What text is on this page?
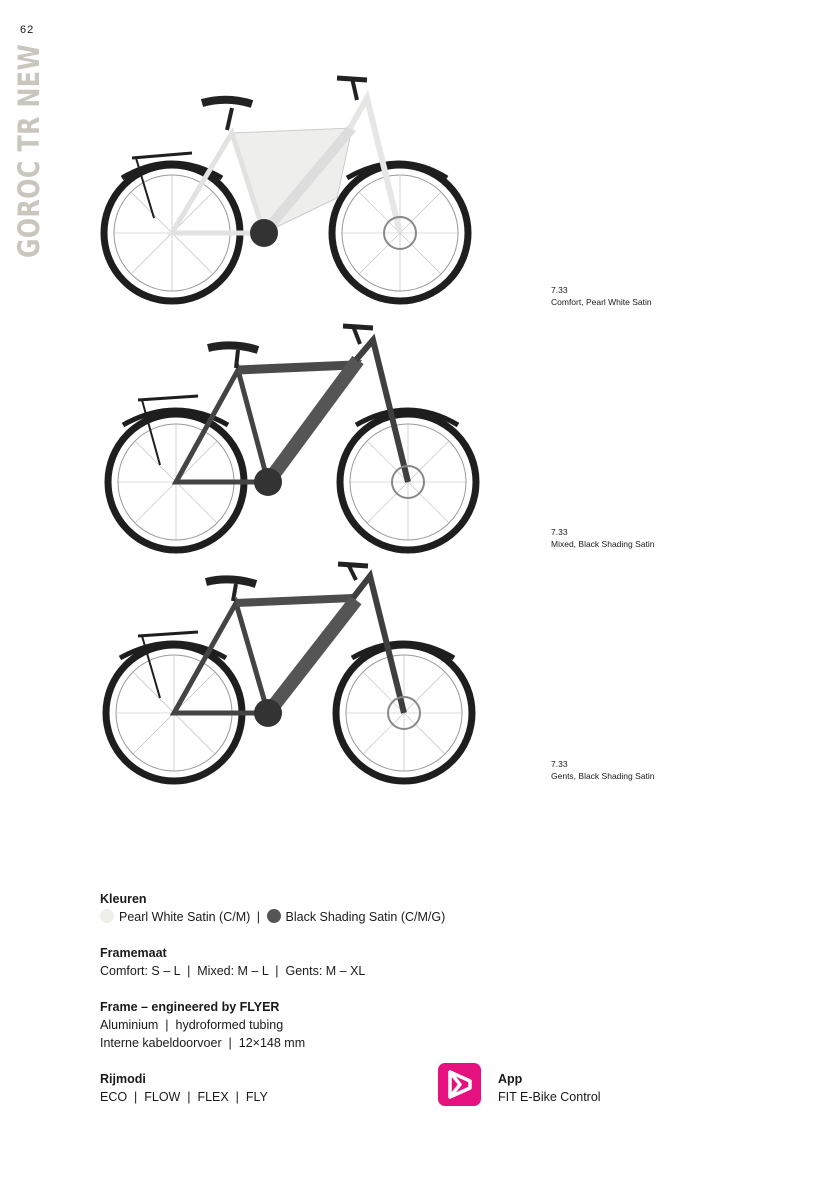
62
GOROC TR NEW
7.33
Comfort, Pearl White Satin
7.33
Mixed, Black Shading Satin
7.33
Gents, Black Shading Satin
Kleuren
Pearl White Satin (C/M) | Black Shading Satin (C/M/G)
Framemaat
Comfort: S – L  |  Mixed: M – L  |  Gents: M – XL
Frame – engineered by FLYER
Aluminium  |  hydroformed tubing
Interne kabeldoorvoer  |  12×148 mm
Rijmodi
ECO  |  FLOW  |  FLEX  |  FLY
App
FIT E-Bike Control
